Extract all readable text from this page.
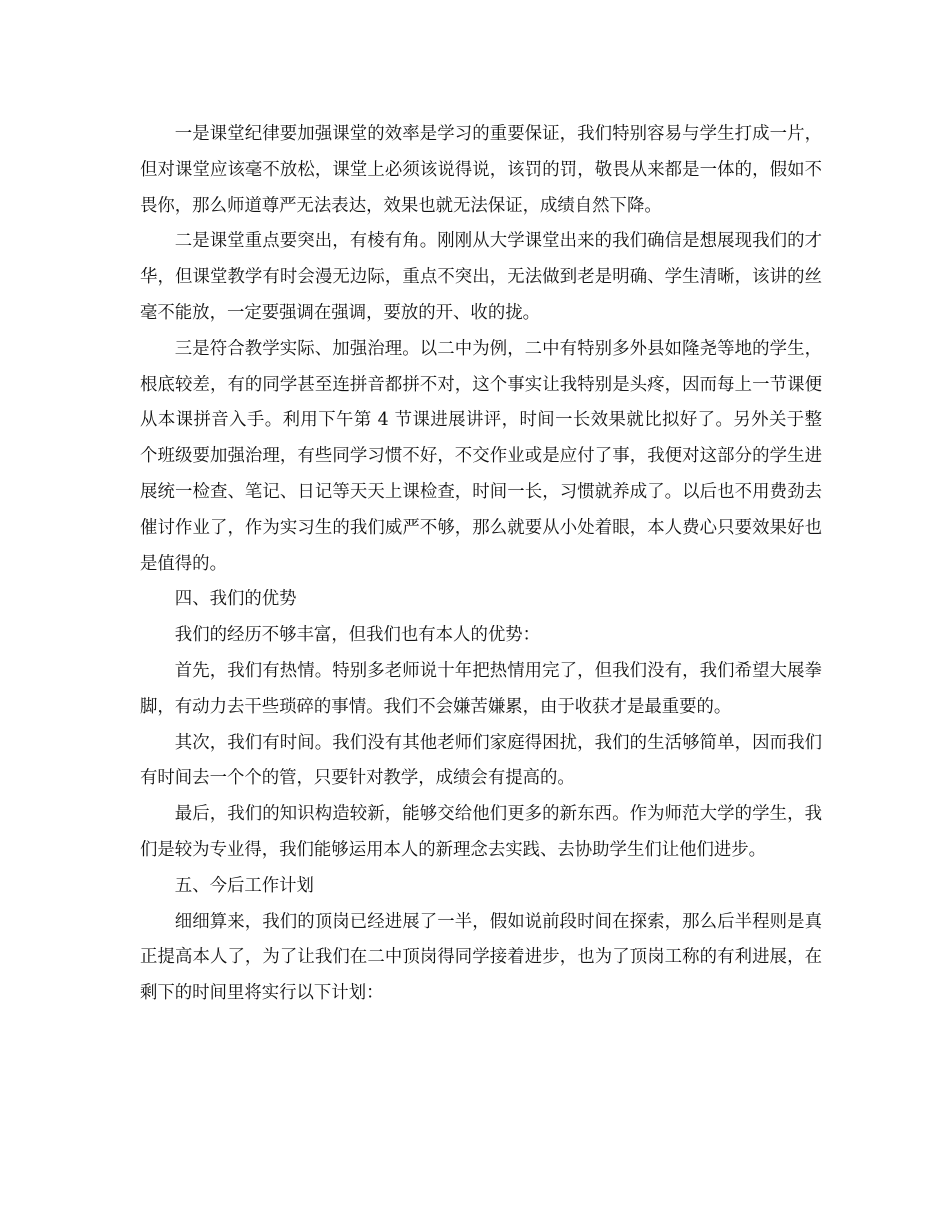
一是课堂纪律要加强课堂的效率是学习的重要保证，我们特别容易与学生打成一片，但对课堂应该毫不放松，课堂上必须该说得说，该罚的罚，敬畏从来都是一体的，假如不畏你，那么师道尊严无法表达，效果也就无法保证，成绩自然下降。

二是课堂重点要突出，有棱有角。刚刚从大学课堂出来的我们确信是想展现我们的才华，但课堂教学有时会漫无边际，重点不突出，无法做到老是明确、学生清晰，该讲的丝毫不能放，一定要强调在强调，要放的开、收的拢。

三是符合教学实际、加强治理。以二中为例，二中有特别多外县如隆尧等地的学生，根底较差，有的同学甚至连拼音都拼不对，这个事实让我特别是头疼，因而每上一节课便从本课拼音入手。利用下午第 4 节课进展讲评，时间一长效果就比拟好了。另外关于整个班级要加强治理，有些同学习惯不好，不交作业或是应付了事，我便对这部分的学生进展统一检查、笔记、日记等天天上课检查，时间一长，习惯就养成了。以后也不用费劲去催讨作业了，作为实习生的我们威严不够，那么就要从小处着眼，本人费心只要效果好也是值得的。

四、我们的优势

我们的经历不够丰富，但我们也有本人的优势：

首先，我们有热情。特别多老师说十年把热情用完了，但我们没有，我们希望大展拳脚，有动力去干些琐碎的事情。我们不会嫌苦嫌累，由于收获才是最重要的。

其次，我们有时间。我们没有其他老师们家庭得困扰，我们的生活够简单，因而我们有时间去一个个的管，只要针对教学，成绩会有提高的。

最后，我们的知识构造较新，能够交给他们更多的新东西。作为师范大学的学生，我们是较为专业得，我们能够运用本人的新理念去实践、去协助学生们让他们进步。

五、今后工作计划

细细算来，我们的顶岗已经进展了一半，假如说前段时间在探索，那么后半程则是真正提高本人了，为了让我们在二中顶岗得同学接着进步，也为了顶岗工称的有利进展，在剩下的时间里将实行以下计划：
